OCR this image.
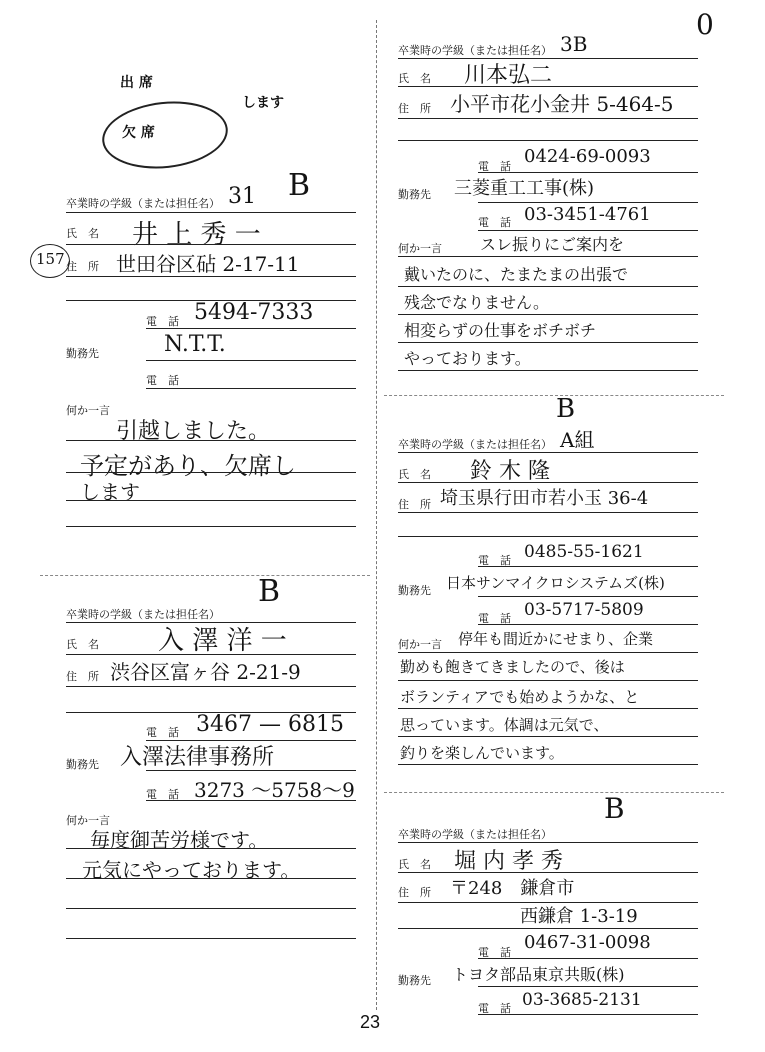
0
出 席
します
欠 席
卒業時の学級（または担任名） 31 B
氏　名 井 上 秀 一
157 住　所 世田谷区砧 2-17-11
電　話 5494-7333
勤務先	N.T.T.
電　話
何か一言
引越しました。
予定があり、欠席し
します
B
卒業時の学級（または担任名）
氏　名 入 澤 洋 一
住　所 渋谷区富ヶ谷 2-21-9
電　話 3467 — 6815
勤務先 入澤法律事務所
電　話 3273 ～5758～9
何か一言
毎度御苦労様です。
元気にやっております。
卒業時の学級（または担任名） 3B
氏　名 川本弘二
住　所 小平市花小金井 5-464-5
電　話 0424-69-0093
勤務先 三菱重工工事(株)
電　話 03-3451-4761
何か一言 スレ振りにご案内を
戴いたのに、たまたまの出張で
残念でなりません。
相変らずの仕事をボチボチ
やっております。
B
卒業時の学級（または担任名） A組
氏　名 鈴 木 隆
住　所 埼玉県行田市若小玉 36-4
電　話 0485-55-1621
勤務先 日本サンマイクロシステムズ(株)
電　話 03-5717-5809
何か一言 停年も間近かにせまり、企業
勤めも飽きてきましたので、後は
ボランティアでも始めようかな、と
思っています。体調は元気で、
釣りを楽しんでいます。
B
卒業時の学級（または担任名）
氏　名 堀 内 孝 秀
住　所 〒248　鎌倉市
西鎌倉 1-3-19
電　話 0467-31-0098
勤務先 トヨタ部品東京共販(株)
電　話 03-3685-2131
23
